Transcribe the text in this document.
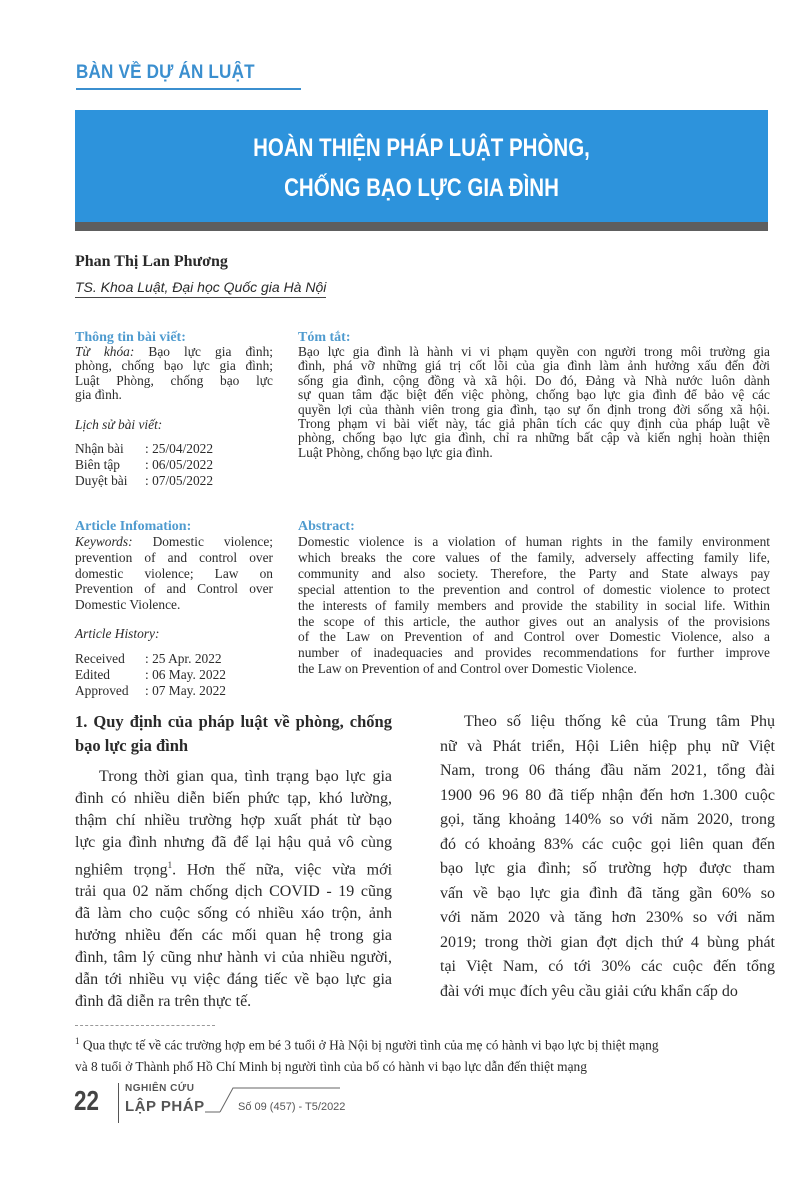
BÀN VỀ DỰ ÁN LUẬT
HOÀN THIỆN PHÁP LUẬT PHÒNG,
CHỐNG BẠO LỰC GIA ĐÌNH
Phan Thị Lan Phương
TS. Khoa Luật, Đại học Quốc gia Hà Nội
Thông tin bài viết:
Từ khóa: Bạo lực gia đình;
phòng, chống bạo lực gia đình;
Luật Phòng, chống bạo lực
gia đình.
Lịch sử bài viết:
Nhận bài : 25/04/2022
Biên tập : 06/05/2022
Duyệt bài : 07/05/2022
Article Infomation:
Keywords: Domestic violence;
prevention of and control over
domestic violence; Law on
Prevention of and Control over
Domestic Violence.
Article History:
Received : 25 Apr. 2022
Edited	: 06 May. 2022
Approved : 07 May. 2022
Tóm tắt:
Bạo lực gia đình là hành vi vi phạm quyền con người trong môi trường gia
đình, phá vỡ những giá trị cốt lõi của gia đình làm ảnh hưởng xấu đến đời
sống gia đình, cộng đồng và xã hội. Do đó, Đảng và Nhà nước luôn dành
sự quan tâm đặc biệt đến việc phòng, chống bạo lực gia đình để bảo vệ các
quyền lợi của thành viên trong gia đình, tạo sự ổn định trong đời sống xã hội.
Trong phạm vi bài viết này, tác giả phân tích các quy định của pháp luật về
phòng, chống bạo lực gia đình, chỉ ra những bất cập và kiến nghị hoàn thiện
Luật Phòng, chống bạo lực gia đình.
Abstract:
Domestic violence is a violation of human rights in the family environment
which breaks the core values of the family, adversely affecting family life,
community and also society. Therefore, the Party and State always pay
special attention to the prevention and control of domestic violence to protect
the interests of family members and provide the stability in social life. Within
the scope of this article, the author gives out an analysis of the provisions
of the Law on Prevention of and Control over Domestic Violence, also a
number of inadequacies and provides recommendations for further improve
the Law on Prevention of and Control over Domestic Violence.
1. Quy định của pháp luật về phòng, chống
bạo lực gia đình
Trong thời gian qua, tình trạng bạo lực gia
đình có nhiều diễn biến phức tạp, khó lường,
thậm chí nhiều trường hợp xuất phát từ bạo
lực gia đình nhưng đã để lại hậu quả vô cùng
nghiêm trọng$^1$. Hơn thế nữa, việc vừa mới
trải qua 02 năm chống dịch COVID - 19 cũng
đã làm cho cuộc sống có nhiều xáo trộn, ảnh
hưởng nhiều đến các mối quan hệ trong gia
đình, tâm lý cũng như hành vi của nhiều người,
dẫn tới nhiều vụ việc đáng tiếc về bạo lực gia
đình đã diễn ra trên thực tế.
Theo số liệu thống kê của Trung tâm Phụ
nữ và Phát triển, Hội Liên hiệp phụ nữ Việt
Nam, trong 06 tháng đầu năm 2021, tổng đài
1900 96 96 80 đã tiếp nhận đến hơn 1.300 cuộc
gọi, tăng khoảng 140% so với năm 2020, trong
đó có khoảng 83% các cuộc gọi liên quan đến
bạo lực gia đình; số trường hợp được tham
vấn về bạo lực gia đình đã tăng gần 60% so
với năm 2020 và tăng hơn 230% so với năm
2019; trong thời gian đợt dịch thứ 4 bùng phát
tại Việt Nam, có tới 30% các cuộc đến tổng
đài với mục đích yêu cầu giải cứu khẩn cấp do
$^1$ Qua thực tế về các trường hợp em bé 3 tuổi ở Hà Nội bị người tình của mẹ có hành vi bạo lực bị thiệt mạng
và 8 tuổi ở Thành phố Hồ Chí Minh bị người tình của bố có hành vi bạo lực dẫn đến thiệt mạng
22	NGHIÊN CỨU
LẬP PHÁP	Số 09 (457) - T5/2022
